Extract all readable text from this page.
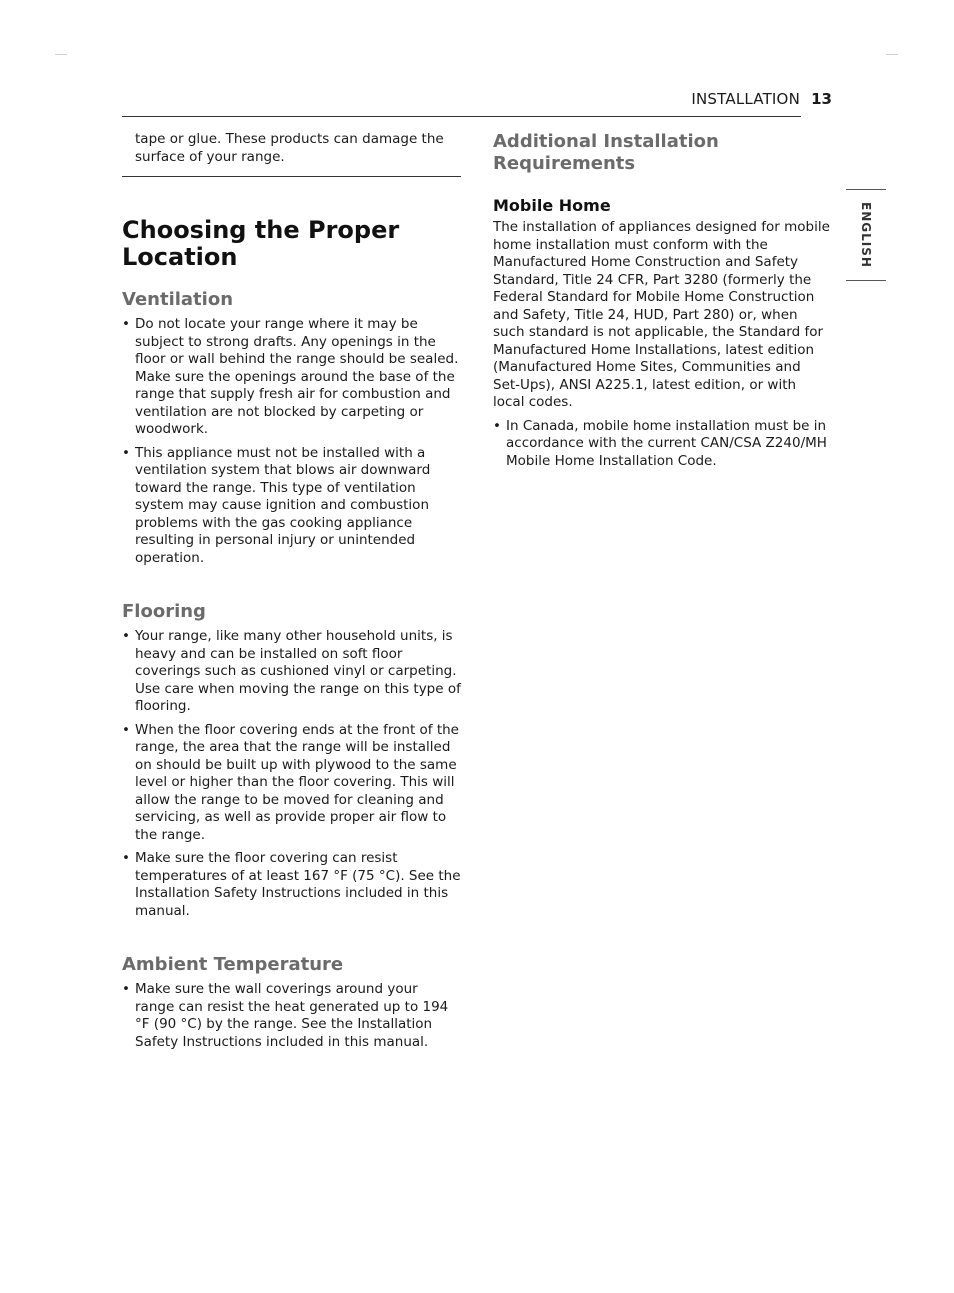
INSTALLATION 13
ENGLISH
tape or glue. These products can damage the surface of your range.
Choosing the Proper Location
Ventilation
• Do not locate your range where it may be subject to strong drafts. Any openings in the floor or wall behind the range should be sealed. Make sure the openings around the base of the range that supply fresh air for combustion and ventilation are not blocked by carpeting or woodwork.
• This appliance must not be installed with a ventilation system that blows air downward toward the range. This type of ventilation system may cause ignition and combustion problems with the gas cooking appliance resulting in personal injury or unintended operation.
Flooring
• Your range, like many other household units, is heavy and can be installed on soft floor coverings such as cushioned vinyl or carpeting. Use care when moving the range on this type of flooring.
• When the floor covering ends at the front of the range, the area that the range will be installed on should be built up with plywood to the same level or higher than the floor covering. This will allow the range to be moved for cleaning and servicing, as well as provide proper air flow to the range.
• Make sure the floor covering can resist temperatures of at least 167 °F (75 °C). See the Installation Safety Instructions included in this manual.
Ambient Temperature
• Make sure the wall coverings around your range can resist the heat generated up to 194 °F (90 °C) by the range. See the Installation Safety Instructions included in this manual.
Additional Installation Requirements
Mobile Home

The installation of appliances designed for mobile home installation must conform with the Manufactured Home Construction and Safety Standard, Title 24 CFR, Part 3280 (formerly the Federal Standard for Mobile Home Construction and Safety, Title 24, HUD, Part 280) or, when such standard is not applicable, the Standard for Manufactured Home Installations, latest edition (Manufactured Home Sites, Communities and Set-Ups), ANSI A225.1, latest edition, or with local codes.

• In Canada, mobile home installation must be in accordance with the current CAN/CSA Z240/MH Mobile Home Installation Code.
